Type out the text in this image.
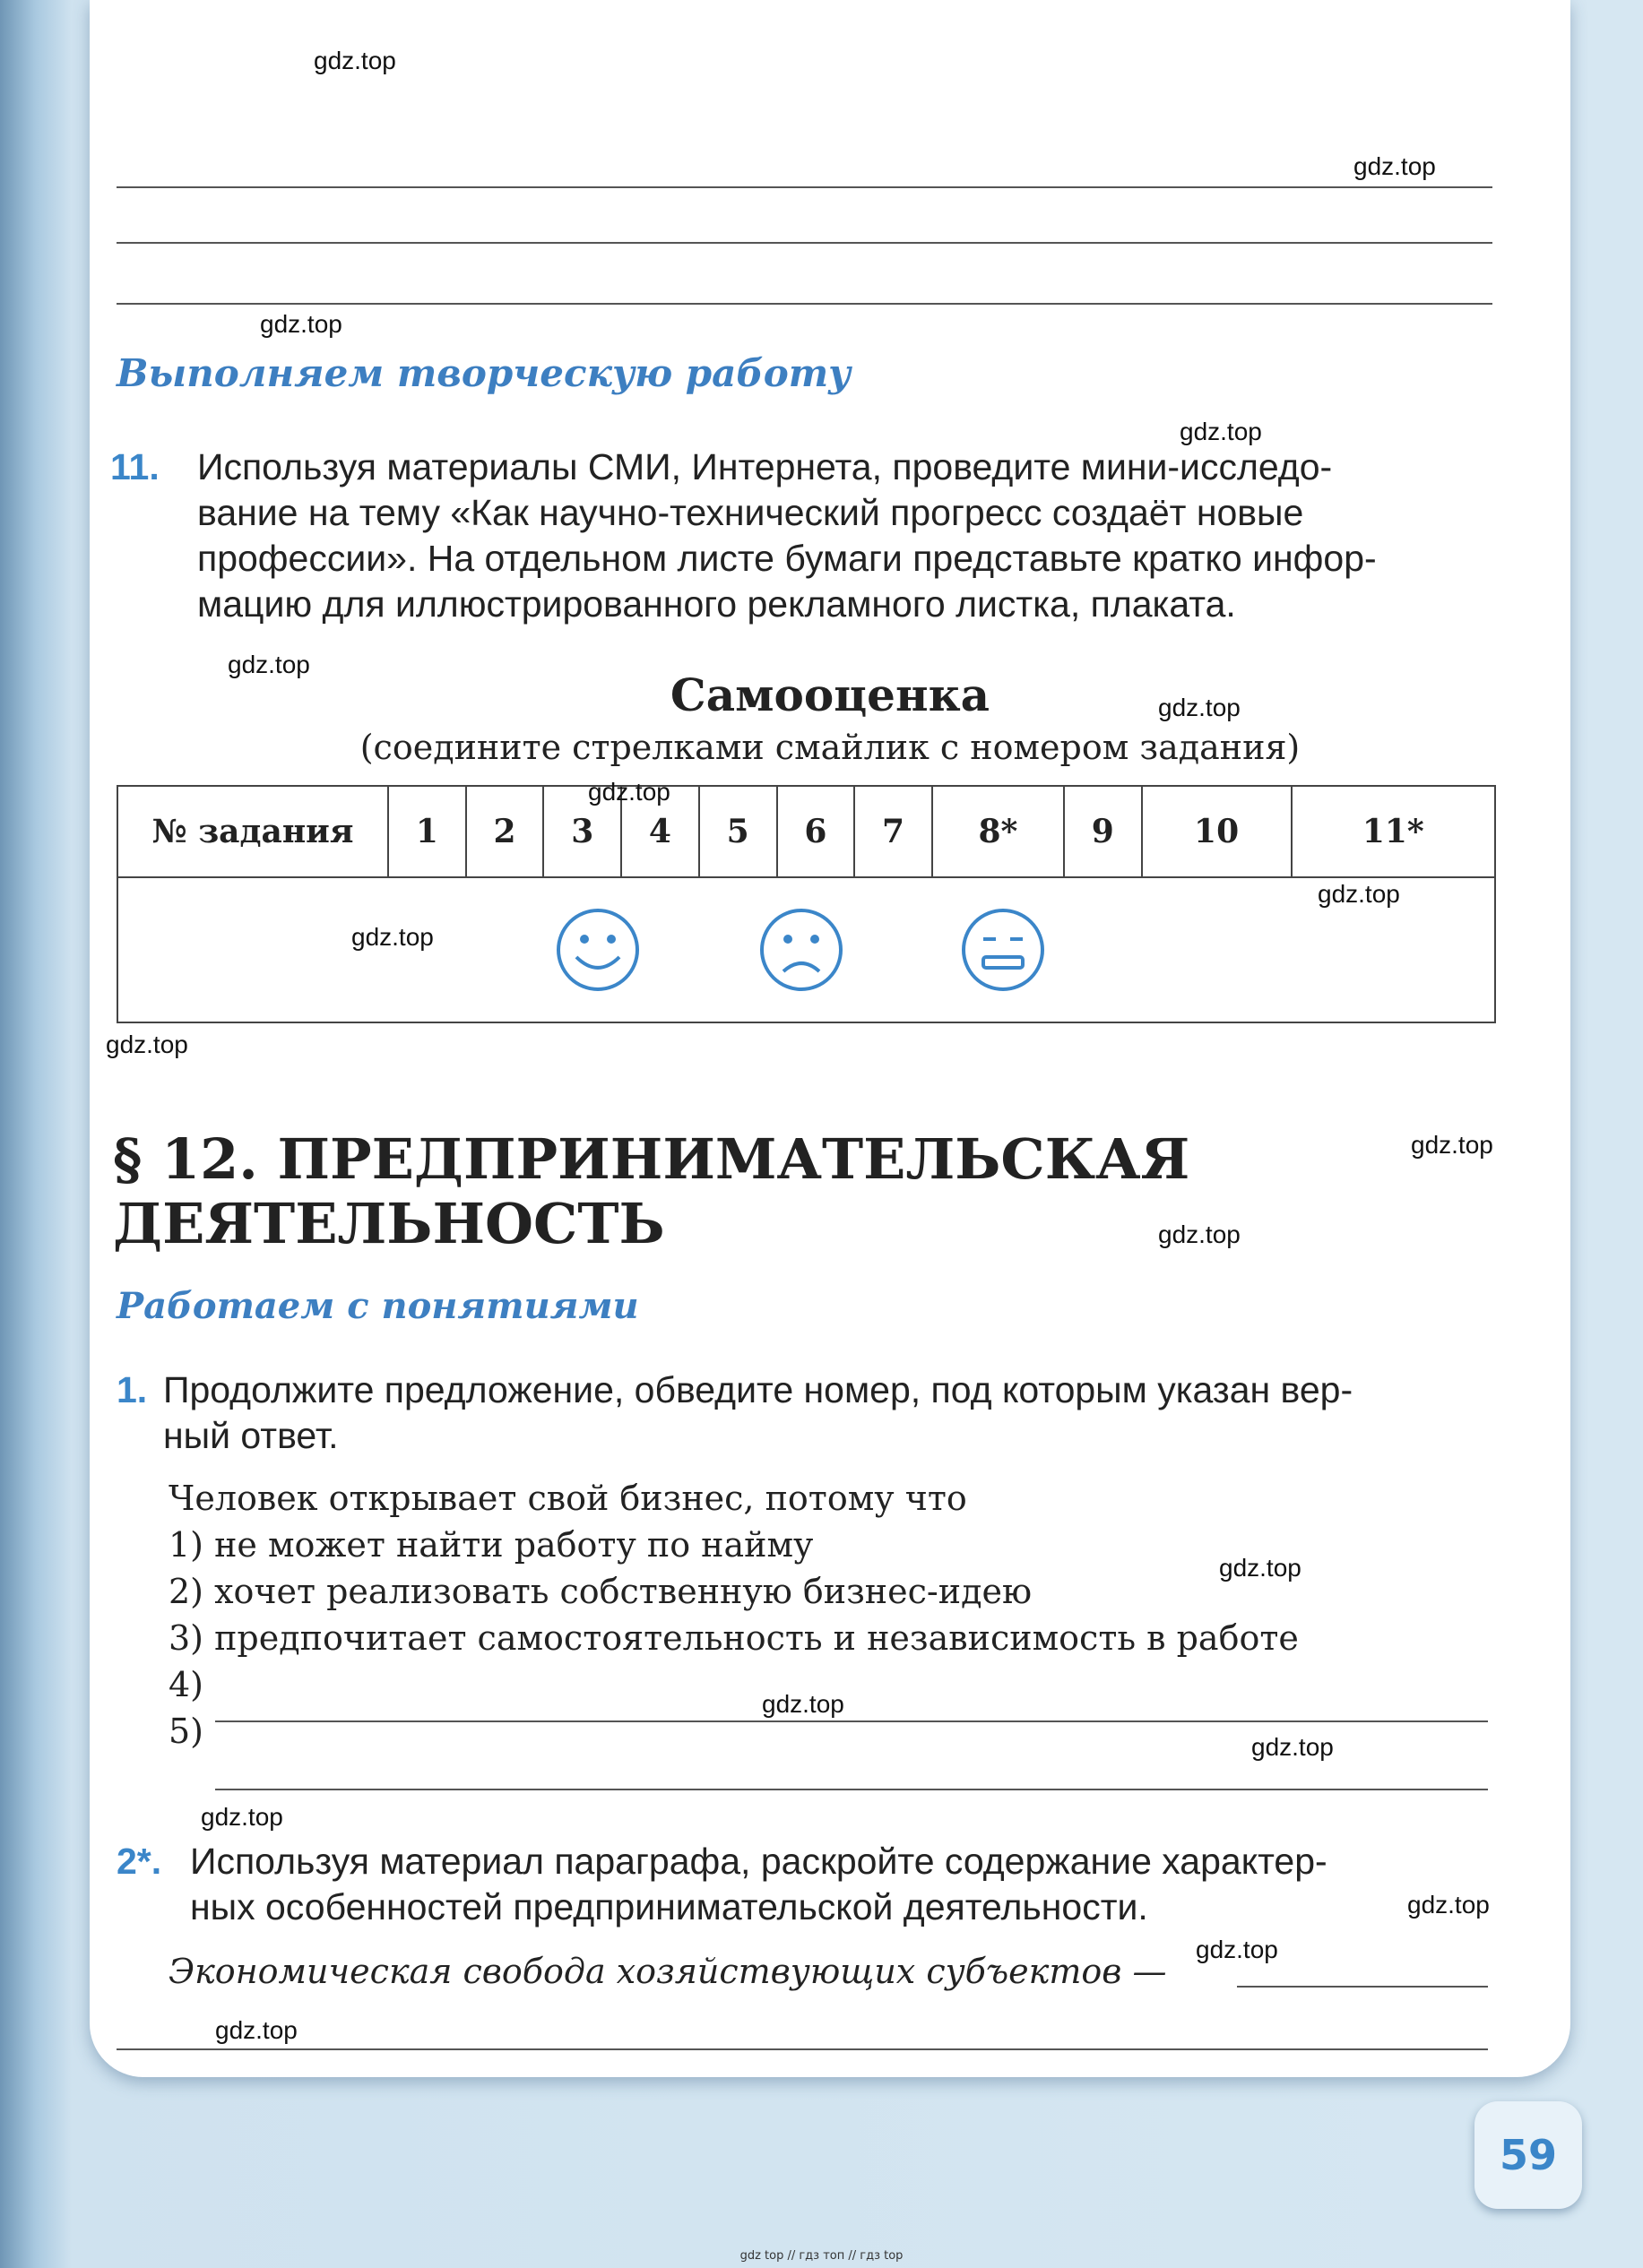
Выполняем творческую работу
11. Используя материалы СМИ, Интернета, проведите мини-исследо-
вание на тему «Как научно-технический прогресс создаёт новые
профессии». На отдельном листе бумаги представьте кратко инфор-
мацию для иллюстрированного рекламного листка, плаката.
Самооценка
(соедините стрелками смайлик с номером задания)
№ задания	1	2	3	4	5	6	7	8*	9	10	11*

§ 12. ПРЕДПРИНИМАТЕЛЬСКАЯ
ДЕЯТЕЛЬНОСТЬ
Работаем с понятиями
1. Продолжите предложение, обведите номер, под которым указан вер-
ный ответ.
Человек открывает свой бизнес, потому что
1) не может найти работу по найму
2) хочет реализовать собственную бизнес-идею
3) предпочитает самостоятельность и независимость в работе
4)
5)
2*. Используя материал параграфа, раскройте содержание характер-
ных особенностей предпринимательской деятельности.
Экономическая свобода хозяйствующих субъектов —
gdz.top
gdz.top
gdz.top
gdz.top
gdz.top
gdz.top
gdz.top
gdz.top
gdz.top
gdz.top
gdz.top
gdz.top
gdz.top
gdz.top
gdz.top
gdz.top
gdz.top
gdz.top
gdz.top
59
gdz top // гдз топ // гдз top
